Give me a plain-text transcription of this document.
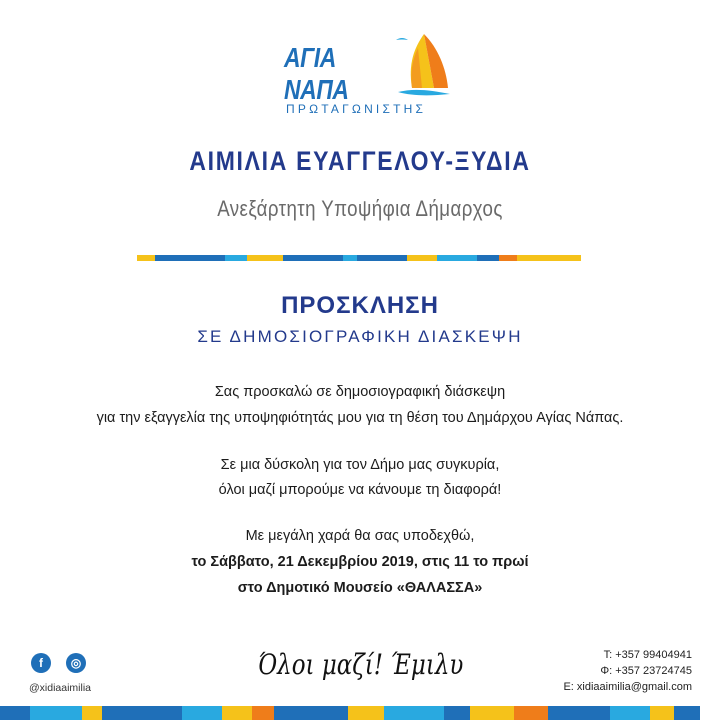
ΑΓΙΑ ΝΑΠΑ
ΠΡΩΤΑΓΩΝΙΣΤΗΣ
ΑΙΜΙΛΙΑ ΕΥΑΓΓΕΛΟΥ-ΞΥΔΙΑ
Ανεξάρτητη Υποψήφια Δήμαρχος
ΠΡΟΣΚΛΗΣΗ
ΣΕ ΔΗΜΟΣΙΟΓΡΑΦΙΚΗ ΔΙΑΣΚΕΨΗ
Σας προσκαλώ σε δημοσιογραφική διάσκεψη
για την εξαγγελία της υποψηφιότητάς μου για τη θέση του Δημάρχου Αγίας Νάπας.
Σε μια δύσκολη για τον Δήμο μας συγκυρία,
όλοι μαζί μπορούμε να κάνουμε τη διαφορά!
Με μεγάλη χαρά θα σας υποδεχθώ,
το Σάββατο, 21 Δεκεμβρίου 2019, στις 11 το πρωί
στο Δημοτικό Μουσείο «ΘΑΛΑΣΣΑ»
f	◎
@xidiaaimilia
Όλοι μαζί! Έμιλυ	T: +357 99404941
Φ: +357 23724745
E: xidiaaimilia@gmail.com
